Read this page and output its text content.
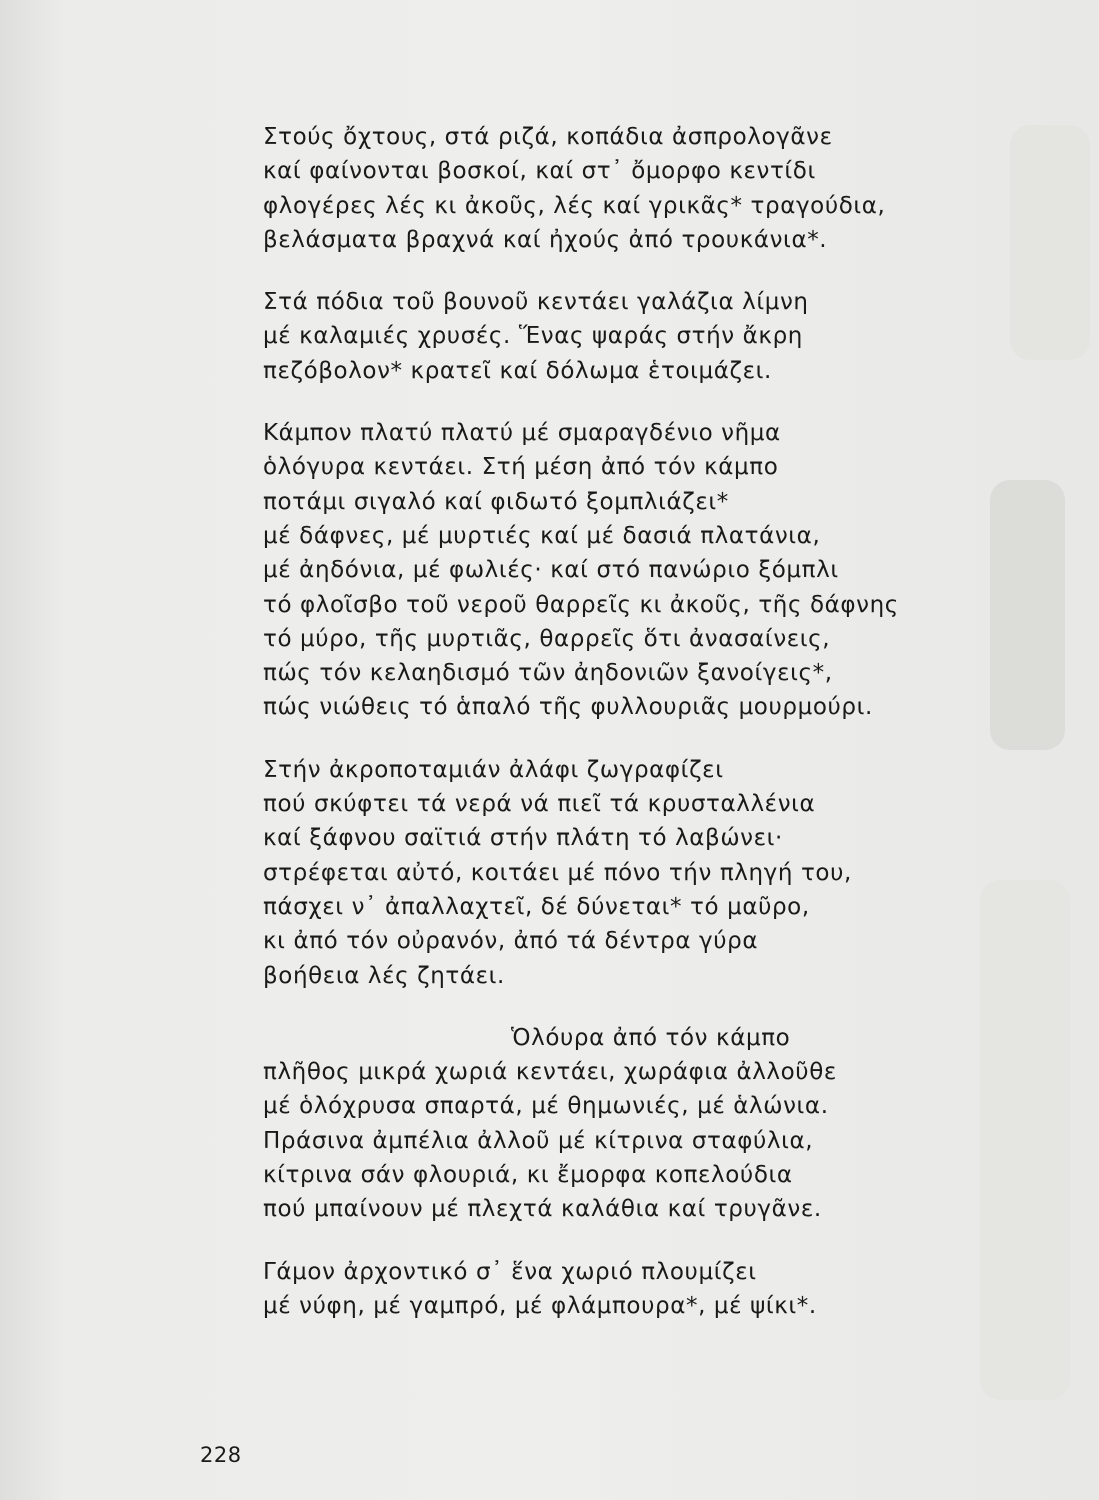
Στούς ὄχτους, στά ριζά, κοπάδια ἀσπρολογᾶνε
καί φαίνονται βοσκοί, καί στ᾿ ὄμορφο κεντίδι
φλογέρες λές κι ἀκοῦς, λές καί γρικᾶς* τραγούδια,
βελάσματα βραχνά καί ἠχούς ἀπό τρουκάνια*.
Στά πόδια τοῦ βουνοῦ κεντάει γαλάζια λίμνη
μέ καλαμιές χρυσές. Ἕνας ψαράς στήν ἄκρη
πεζόβολον* κρατεῖ καί δόλωμα ἑτοιμάζει.
Κάμπον πλατύ πλατύ μέ σμαραγδένιο νῆμα
ὁλόγυρα κεντάει. Στή μέση ἀπό τόν κάμπο
ποτάμι σιγαλό καί φιδωτό ξομπλιάζει*
μέ δάφνες, μέ μυρτιές καί μέ δασιά πλατάνια,
μέ ἀηδόνια, μέ φωλιές· καί στό πανώριο ξόμπλι
τό φλοῖσβο τοῦ νεροῦ θαρρεῖς κι ἀκοῦς, τῆς δάφνης
τό μύρο, τῆς μυρτιᾶς, θαρρεῖς ὅτι ἀνασαίνεις,
πώς τόν κελαηδισμό τῶν ἀηδονιῶν ξανοίγεις*,
πώς νιώθεις τό ἁπαλό τῆς φυλλουριᾶς μουρμούρι.
Στήν ἀκροποταμιάν ἀλάφι ζωγραφίζει
πού σκύφτει τά νερά νά πιεῖ τά κρυσταλλένια
καί ξάφνου σαϊτιά στήν πλάτη τό λαβώνει·
στρέφεται αὐτό, κοιτάει μέ πόνο τήν πληγή του,
πάσχει ν᾿ ἀπαλλαχτεῖ, δέ δύνεται* τό μαῦρο,
κι ἀπό τόν οὐρανόν, ἀπό τά δέντρα γύρα
βοήθεια λές ζητάει.
Ὁλόυρα ἀπό τόν κάμπο
πλῆθος μικρά χωριά κεντάει, χωράφια ἀλλοῦθε
μέ ὁλόχρυσα σπαρτά, μέ θημωνιές, μέ ἁλώνια.
Πράσινα ἀμπέλια ἀλλοῦ μέ κίτρινα σταφύλια,
κίτρινα σάν φλουριά, κι ἔμορφα κοπελούδια
πού μπαίνουν μέ πλεχτά καλάθια καί τρυγᾶνε.
Γάμον ἀρχοντικό σ᾿ ἕνα χωριό πλουμίζει
μέ νύφη, μέ γαμπρό, μέ φλάμπουρα*, μέ ψίκι*.
228
